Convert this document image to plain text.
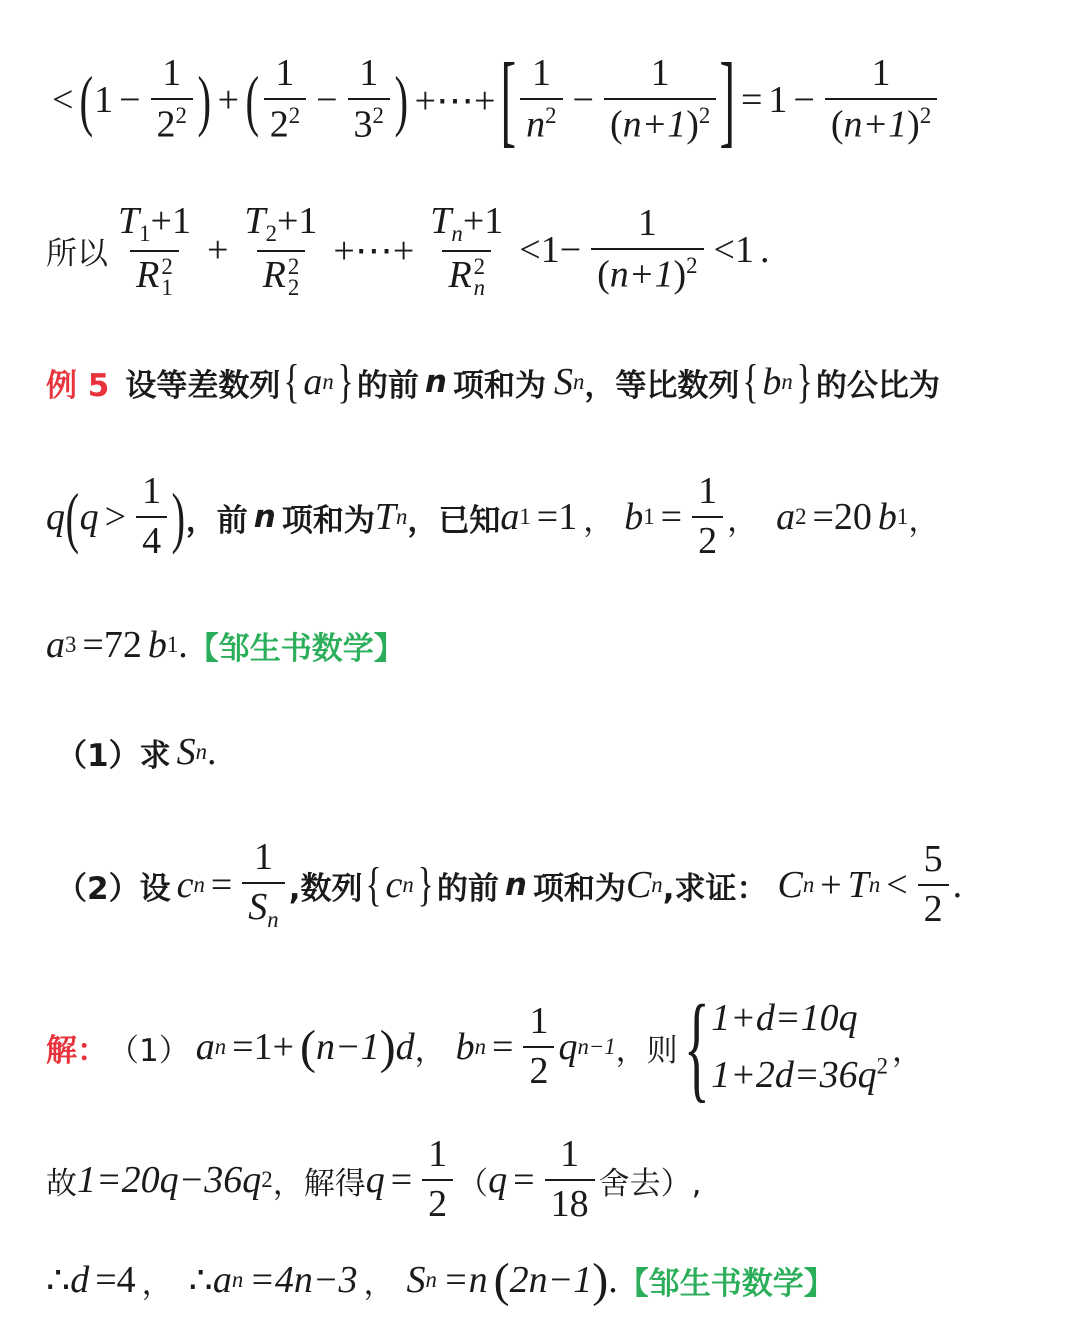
< ( $1 - \frac{1}{2^2}$ ) + ( $\frac{1}{2^2} - \frac{1}{3^2}$ ) +⋯+ [ $\frac{1}{n^2} - \frac{1}{(n+1)^2}$ ] = $1 - \frac{1}{(n+1)^2}$
所以 $T_1+1$
R 2
$1 + T_2+1$
R 2
2 +⋯+ $T_n+1$
R 2
$n <1- \frac{1}{(n+1)^2} <1$ .
例 5 设等差数列 { a n } 的前 n 项和为 S n ，等比数列 { b n } 的公比为
q ( $q > \frac{1}{4}$ ) ，前 n 项和为 T n ，已知 a 1 =1 ， b $1 = \frac{1}{2}$ ， a 2 =20 b 1 ，
a 3 =72 b 1 . 【邹生书数学】
（1）求 S n .
（2）设 c $n = \frac{1}{S_n}$ ,数列 { c n } 的前 n 项和为 C n ,求证： C n + T $n < \frac{5}{2}$ .
解： （1） a n =1+ ( n−1 ) d ， b $n = \frac{1}{2}$ q n−1 ，则 { 1+d=10q
$1+2d=36q^2$ ，
故 1=20q−36q 2 ，解得 $q = \frac{1}{2}$ （ $q = \frac{1}{18}$ 舍去）,
∴ d =4 ， ∴ a n =4n−3 ， S n =n ( 2n−1 ) . 【邹生书数学】
